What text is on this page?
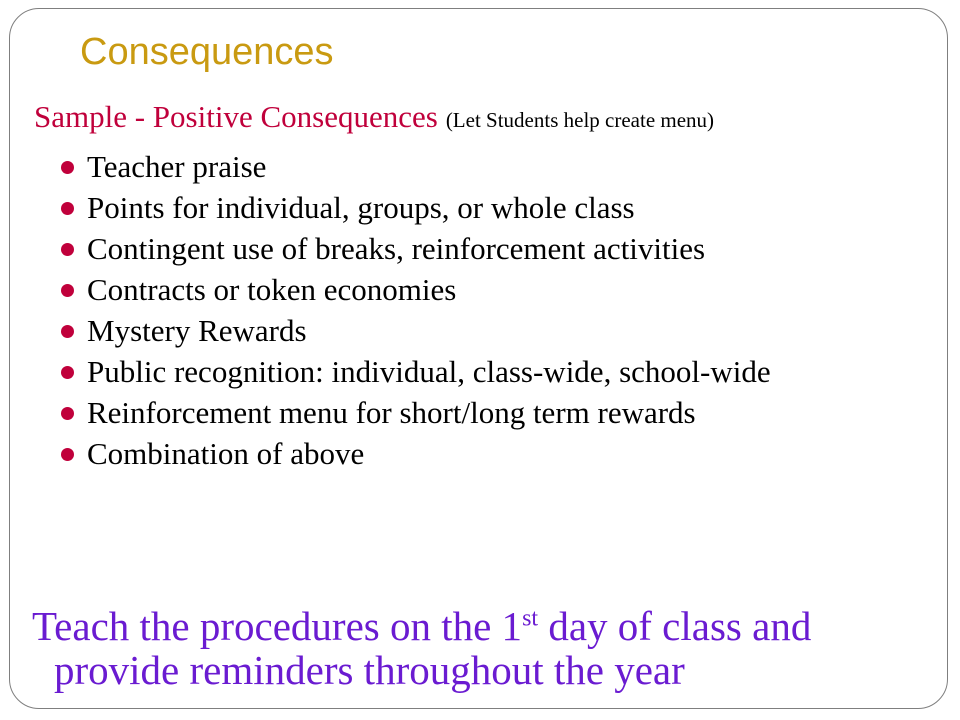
Consequences
Sample - Positive Consequences (Let Students help create menu)
Teacher praise
Points for individual, groups, or whole class
Contingent use of breaks, reinforcement activities
Contracts or token economies
Mystery Rewards
Public recognition: individual, class-wide, school-wide
Reinforcement menu for short/long term rewards
Combination of above

Teach the procedures on the 1st day of class and
provide reminders throughout the year
